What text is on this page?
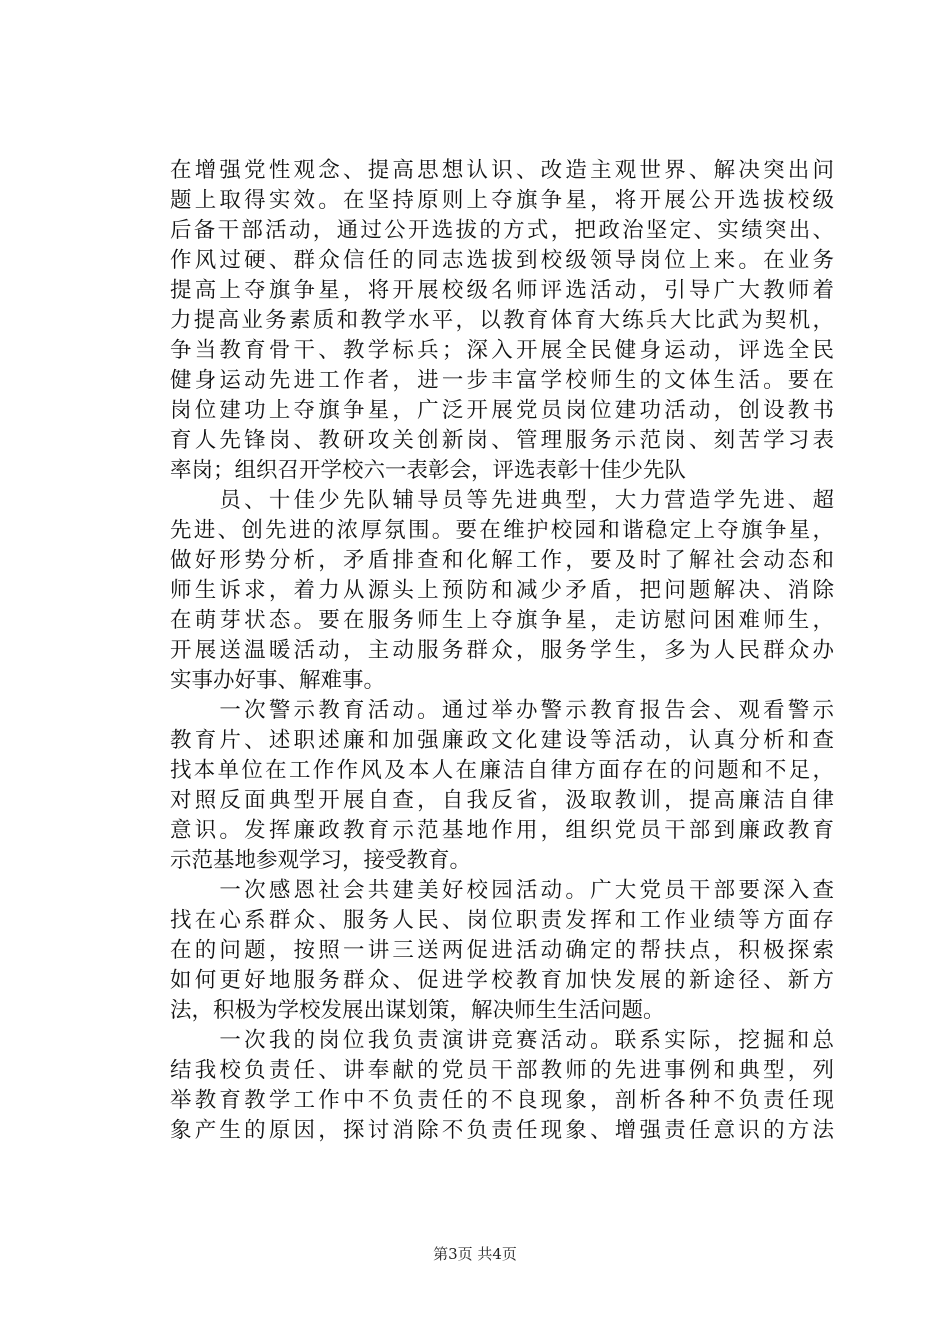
在增强党性观念、提高思想认识、改造主观世界、解决突出问
题上取得实效。在坚持原则上夺旗争星，将开展公开选拔校级
后备干部活动，通过公开选拔的方式，把政治坚定、实绩突出、
作风过硬、群众信任的同志选拔到校级领导岗位上来。在业务
提高上夺旗争星，将开展校级名师评选活动，引导广大教师着
力提高业务素质和教学水平，以教育体育大练兵大比武为契机，
争当教育骨干、教学标兵；深入开展全民健身运动，评选全民
健身运动先进工作者，进一步丰富学校师生的文体生活。要在
岗位建功上夺旗争星，广泛开展党员岗位建功活动，创设教书
育人先锋岗、教研攻关创新岗、管理服务示范岗、刻苦学习表
率岗；组织召开学校六一表彰会，评选表彰十佳少先队
　　员、十佳少先队辅导员等先进典型，大力营造学先进、超
先进、创先进的浓厚氛围。要在维护校园和谐稳定上夺旗争星，
做好形势分析，矛盾排查和化解工作，要及时了解社会动态和
师生诉求，着力从源头上预防和减少矛盾，把问题解决、消除
在萌芽状态。要在服务师生上夺旗争星，走访慰问困难师生，
开展送温暖活动，主动服务群众，服务学生，多为人民群众办
实事办好事、解难事。
　　一次警示教育活动。通过举办警示教育报告会、观看警示
教育片、述职述廉和加强廉政文化建设等活动，认真分析和查
找本单位在工作作风及本人在廉洁自律方面存在的问题和不足，
对照反面典型开展自查，自我反省，汲取教训，提高廉洁自律
意识。发挥廉政教育示范基地作用，组织党员干部到廉政教育
示范基地参观学习，接受教育。
　　一次感恩社会共建美好校园活动。广大党员干部要深入查
找在心系群众、服务人民、岗位职责发挥和工作业绩等方面存
在的问题，按照一讲三送两促进活动确定的帮扶点，积极探索
如何更好地服务群众、促进学校教育加快发展的新途径、新方
法，积极为学校发展出谋划策，解决师生生活问题。
　　一次我的岗位我负责演讲竞赛活动。联系实际，挖掘和总
结我校负责任、讲奉献的党员干部教师的先进事例和典型，列
举教育教学工作中不负责任的不良现象，剖析各种不负责任现
象产生的原因，探讨消除不负责任现象、增强责任意识的方法
第3页 共4页
